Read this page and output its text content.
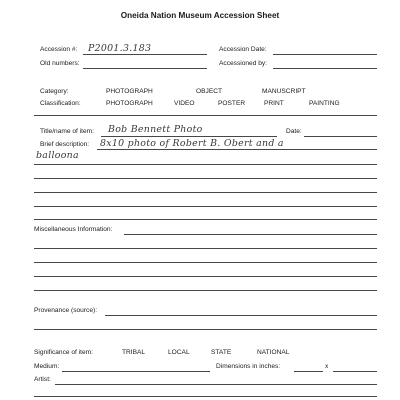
Oneida Nation Museum Accession Sheet
Accession #: P2001.3.183	Accession Date:
Old numbers:	Accessioned by:
Category:	PHOTOGRAPH	OBJECT	MANUSCRIPT
Classification:	PHOTOGRAPH	VIDEO	POSTER	PRINT	PAINTING
Title/name of item: Bob Bennett Photo	Date:
Brief description: 8x10 photo of Robert B. Obert and a
balloona
Miscellaneous Information:
Provenance (source):
Significance of item:	TRIBAL	LOCAL	STATE	NATIONAL
Medium:	Dimensions in inches:	x
Artist:
